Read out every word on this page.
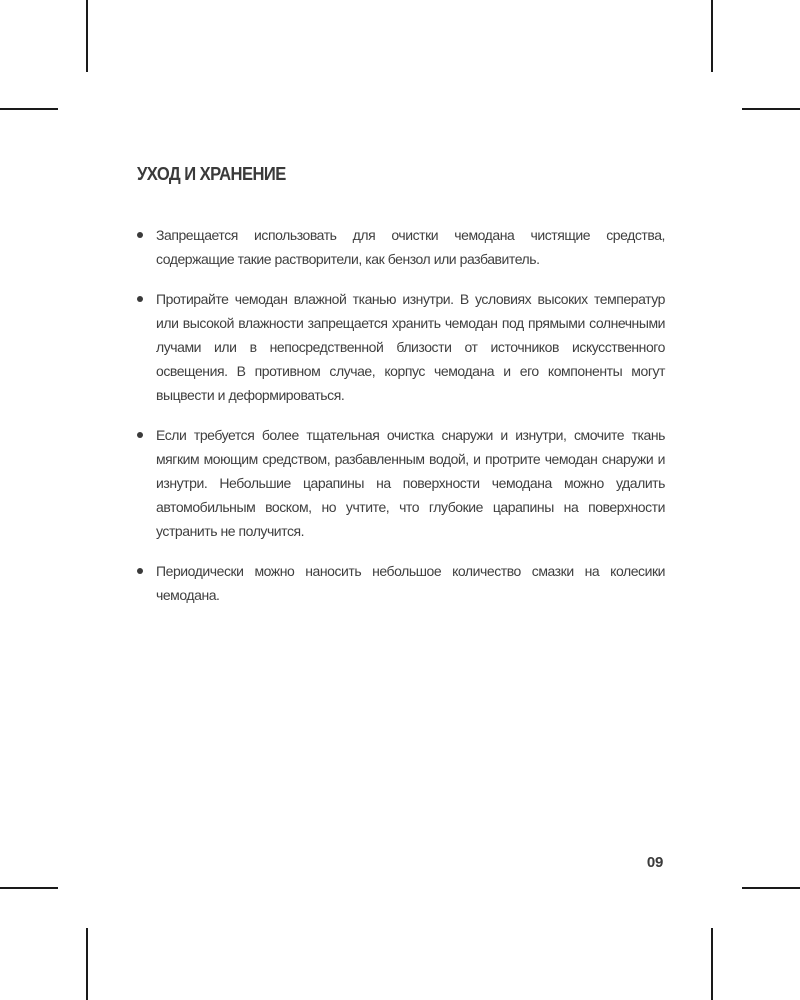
УХОД И ХРАНЕНИЕ
Запрещается использовать для очистки чемодана чистящие средства, содержащие такие растворители, как бензол или разбавитель.
Протирайте чемодан влажной тканью изнутри. В условиях высоких температур или высокой влажности запрещается хранить чемодан под прямыми солнечными лучами или в непосредственной близости от источников искусственного освещения. В противном случае, корпус чемодана и его компоненты могут выцвести и деформироваться.
Если требуется более тщательная очистка снаружи и изнутри, смочите ткань мягким моющим средством, разбавленным водой, и протрите чемодан снаружи и изнутри. Небольшие царапины на поверхности чемодана можно удалить автомобильным воском, но учтите, что глубокие царапины на поверхности устранить не получится.
Периодически можно наносить небольшое количество смазки на колесики чемодана.
09
